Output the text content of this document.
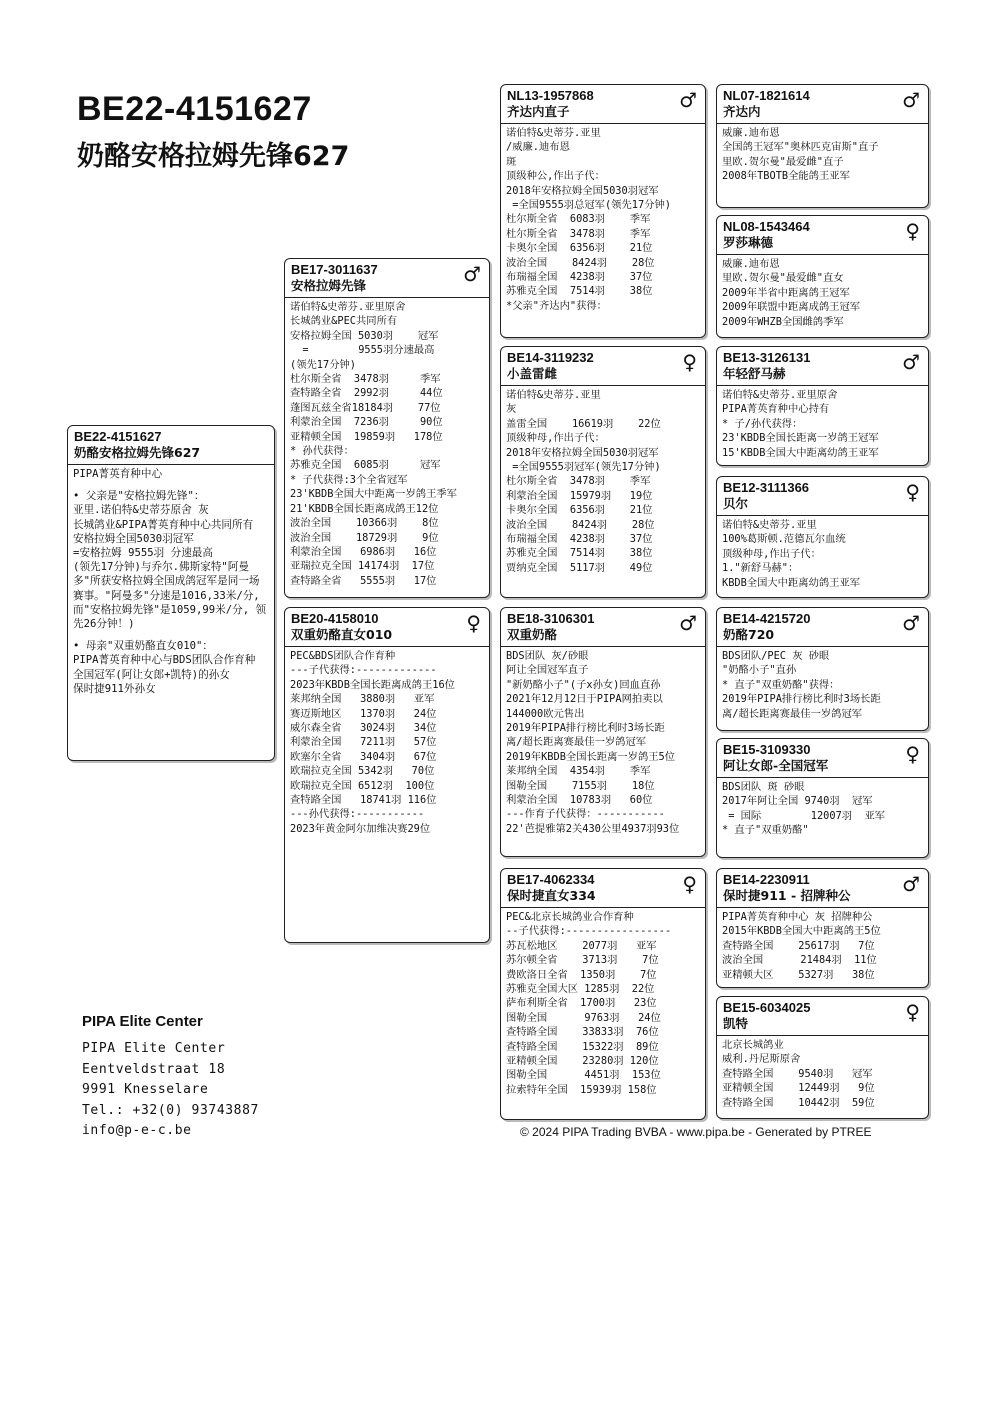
BE22-4151627
奶酪安格拉姆先锋627
BE22-4151627
奶酪安格拉姆先锋627
PIPA菁英育种中心
• 父亲是"安格拉姆先锋"：
亚里.诺伯特&史蒂芬原舍 灰
长城鸽业&PIPA菁英育种中心共同所有
安格拉姆全国5030羽冠军
=安格拉姆 9555羽 分速最高
(领先17分钟)与乔尔.佛斯家特"阿曼多"所获安格拉姆全国成鸽冠军是同一场赛事。"阿曼多"分速是1016,33米/分, 而"安格拉姆先锋"是1059,99米/分, 领先26分钟！)
• 母亲"双重奶酪直女010"：
PIPA菁英育种中心与BDS团队合作育种
全国冠军(阿让女郎+凯特)的孙女
保时捷911外孙女
BE17-3011637
安格拉姆先锋	♂
诺伯特&史蒂芬.亚里原舍
长城鸽业&PEC共同所有
安格拉姆全国 5030羽    冠军
=        9555羽分速最高
(领先17分钟)
杜尔斯全省  3478羽     季军
查特路全省  2992羽     44位
蓬图瓦兹全省18184羽    77位
利蒙治全国  7236羽     90位
亚精顿全国  19859羽   178位
* 孙代获得：
苏雅克全国  6085羽     冠军
* 子代获得:3个全省冠军
23'KBDB全国大中距离一岁鸽王季军
21'KBDB全国长距离成鸽王12位
波治全国    10366羽    8位
波治全国    18729羽    9位
利蒙治全国   6986羽   16位
亚瑞拉克全国 14174羽  17位
查特路全省   5555羽   17位
BE20-4158010
双重奶酪直女010	♀
PEC&BDS团队合作育种
---子代获得:-------------
2023年KBDB全国长距离成鸽王16位
莱邦纳全国   3880羽   亚军
赛迈斯地区   1370羽   24位
威尔森全省   3024羽   34位
利蒙治全国   7211羽   57位
欧塞尔全省   3404羽   67位
欧瑞拉克全国 5342羽   70位
欧瑞拉克全国 6512羽  100位
查特路全国   18741羽 116位
---孙代获得:-----------
2023年黄金阿尔加维决赛29位
NL13-1957868
齐达内直子	♂
诺伯特&史蒂芬.亚里
/威廉.迪布恩
斑
顶级种公,作出子代：
2018年安格拉姆全国5030羽冠军
=全国9555羽总冠军(领先17分钟)
杜尔斯全省  6083羽    季军
杜尔斯全省  3478羽    季军
卡奥尔全国  6356羽    21位
波治全国    8424羽    28位
布瑞福全国  4238羽    37位
苏雅克全国  7514羽    38位
*父亲"齐达内"获得：
BE14-3119232
小盖雷雌	♀
诺伯特&史蒂芬.亚里
灰
盖雷全国    16619羽    22位
顶级种母,作出子代：
2018年安格拉姆全国5030羽冠军
=全国9555羽冠军(领先17分钟)
杜尔斯全省  3478羽    季军
利蒙治全国  15979羽   19位
卡奥尔全国  6356羽    21位
波治全国    8424羽    28位
布瑞福全国  4238羽    37位
苏雅克全国  7514羽    38位
贾纳克全国  5117羽    49位
BE18-3106301
双重奶酪	♂
BDS团队 灰/砂眼
阿让全国冠军直子
"新奶酪小子"(子x孙女)回血直孙
2021年12月12日于PIPA网拍卖以
144000欧元售出
2019年PIPA排行榜比利时3场长距
离/超长距离赛最佳一岁鸽冠军
2019年KBDB全国长距离一岁鸽王5位
莱邦纳全国  4354羽    季军
图勒全国    7155羽    18位
利蒙治全国  10783羽   60位
---作育子代获得：-----------
22'芭提雅第2关430公里4937羽93位
BE17-4062334
保时捷直女334	♀
PEC&北京长城鸽业合作育种
--子代获得:-----------------
苏瓦松地区    2077羽   亚军
苏尔顿全省    3713羽    7位
费欧洛日全省  1350羽    7位
苏雅克全国大区 1285羽  22位
萨布利斯全省  1700羽   23位
图勒全国      9763羽   24位
查特路全国    33833羽  76位
查特路全国    15322羽  89位
亚精顿全国    23280羽 120位
图勒全国      4451羽  153位
拉索特年全国  15939羽 158位
NL07-1821614
齐达内	♂
威廉.迪布恩
全国鸽王冠军"奥林匹克宙斯"直子
里欧.贺尔曼"最爱雌"直子
2008年TBOTB全能鸽王亚军
NL08-1543464
罗莎琳德	♀
威廉.迪布恩
里欧.贺尔曼"最爱雌"直女
2009年半省中距离鸽王冠军
2009年联盟中距离成鸽王冠军
2009年WHZB全国雌鸽季军
BE13-3126131
年轻舒马赫	♂
诺伯特&史蒂芬.亚里原舍
PIPA菁英育种中心持有
* 子/孙代获得：
23'KBDB全国长距离一岁鸽王冠军
15'KBDB全国大中距离幼鸽王亚军
BE12-3111366
贝尔	♀
诺伯特&史蒂芬.亚里
100%葛斯顿.范德瓦尔血统
顶级种母,作出子代：
1."新舒马赫"：
KBDB全国大中距离幼鸽王亚军
BE14-4215720
奶酪720	♂
BDS团队/PEC 灰 砂眼
"奶酪小子"直孙
* 直子"双重奶酪"获得：
2019年PIPA排行榜比利时3场长距
离/超长距离赛最佳一岁鸽冠军
BE15-3109330
阿让女郎-全国冠军	♀
BDS团队 斑 砂眼
2017年阿让全国 9740羽  冠军
= 国际        12007羽  亚军
* 直子"双重奶酪"
BE14-2230911
保时捷911 - 招牌种公	♂
PIPA菁英育种中心 灰 招牌种公
2015年KBDB全国大中距离鸽王5位
查特路全国    25617羽   7位
波治全国      21484羽  11位
亚精顿大区    5327羽   38位
BE15-6034025
凯特	♀
北京长城鸽业
威利.丹尼斯原舍
查特路全国    9540羽   冠军
亚精顿全国    12449羽   9位
查特路全国    10442羽  59位
PIPA Elite Center
PIPA Elite Center
Eentveldstraat 18
9991 Knesselare
Tel.: +32(0) 93743887
info@p-e-c.be	© 2024 PIPA Trading BVBA - www.pipa.be - Generated by PTREE
